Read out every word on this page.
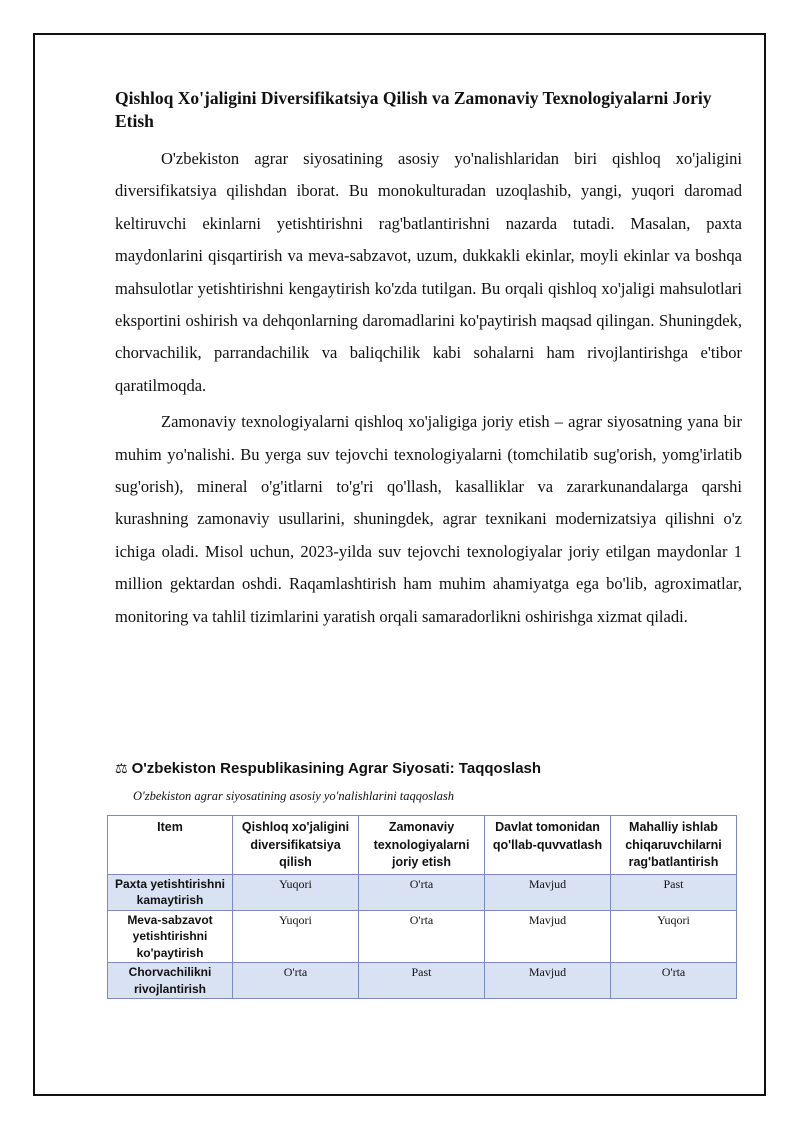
Qishloq Xo'jaligini Diversifikatsiya Qilish va Zamonaviy Texnologiyalarni Joriy Etish

O'zbekiston agrar siyosatining asosiy yo'nalishlaridan biri qishloq xo'jaligini diversifikatsiya qilishdan iborat. Bu monokulturadan uzoqlashib, yangi, yuqori daromad keltiruvchi ekinlarni yetishtirishni rag'batlantirishni nazarda tutadi. Masalan, paxta maydonlarini qisqartirish va meva-sabzavot, uzum, dukkakli ekinlar, moyli ekinlar va boshqa mahsulotlar yetishtirishni kengaytirish ko'zda tutilgan. Bu orqali qishloq xo'jaligi mahsulotlari eksportini oshirish va dehqonlarning daromadlarini ko'paytirish maqsad qilingan. Shuningdek, chorvachilik, parrandachilik va baliqchilik kabi sohalarni ham rivojlantirishga e'tibor qaratilmoqda.

Zamonaviy texnologiyalarni qishloq xo'jaligiga joriy etish – agrar siyosatning yana bir muhim yo'nalishi. Bu yerga suv tejovchi texnologiyalarni (tomchilatib sug'orish, yomg'irlatib sug'orish), mineral o'g'itlarni to'g'ri qo'llash, kasalliklar va zararkunandalarga qarshi kurashning zamonaviy usullarini, shuningdek, agrar texnikani modernizatsiya qilishni o'z ichiga oladi. Misol uchun, 2023-yilda suv tejovchi texnologiyalar joriy etilgan maydonlar 1 million gektardan oshdi. Raqamlashtirish ham muhim ahamiyatga ega bo'lib, agroximatlar, monitoring va tahlil tizimlarini yaratish orqali samaradorlikni oshirishga xizmat qiladi.

⚖ O'zbekiston Respublikasining Agrar Siyosati: Taqqoslash
O'zbekiston agrar siyosatining asosiy yo'nalishlarini taqqoslash
Item	Qishloq xo'jaligini diversifikatsiya qilish	Zamonaviy texnologiyalarni joriy etish	Davlat tomonidan qo'llab-quvvatlash	Mahalliy ishlab chiqaruvchilarni rag'batlantirish
Paxta yetishtirishni kamaytirish	Yuqori	O'rta	Mavjud	Past
Meva-sabzavot yetishtirishni ko'paytirish	Yuqori	O'rta	Mavjud	Yuqori
Chorvachilikni rivojlantirish	O'rta	Past	Mavjud	O'rta
